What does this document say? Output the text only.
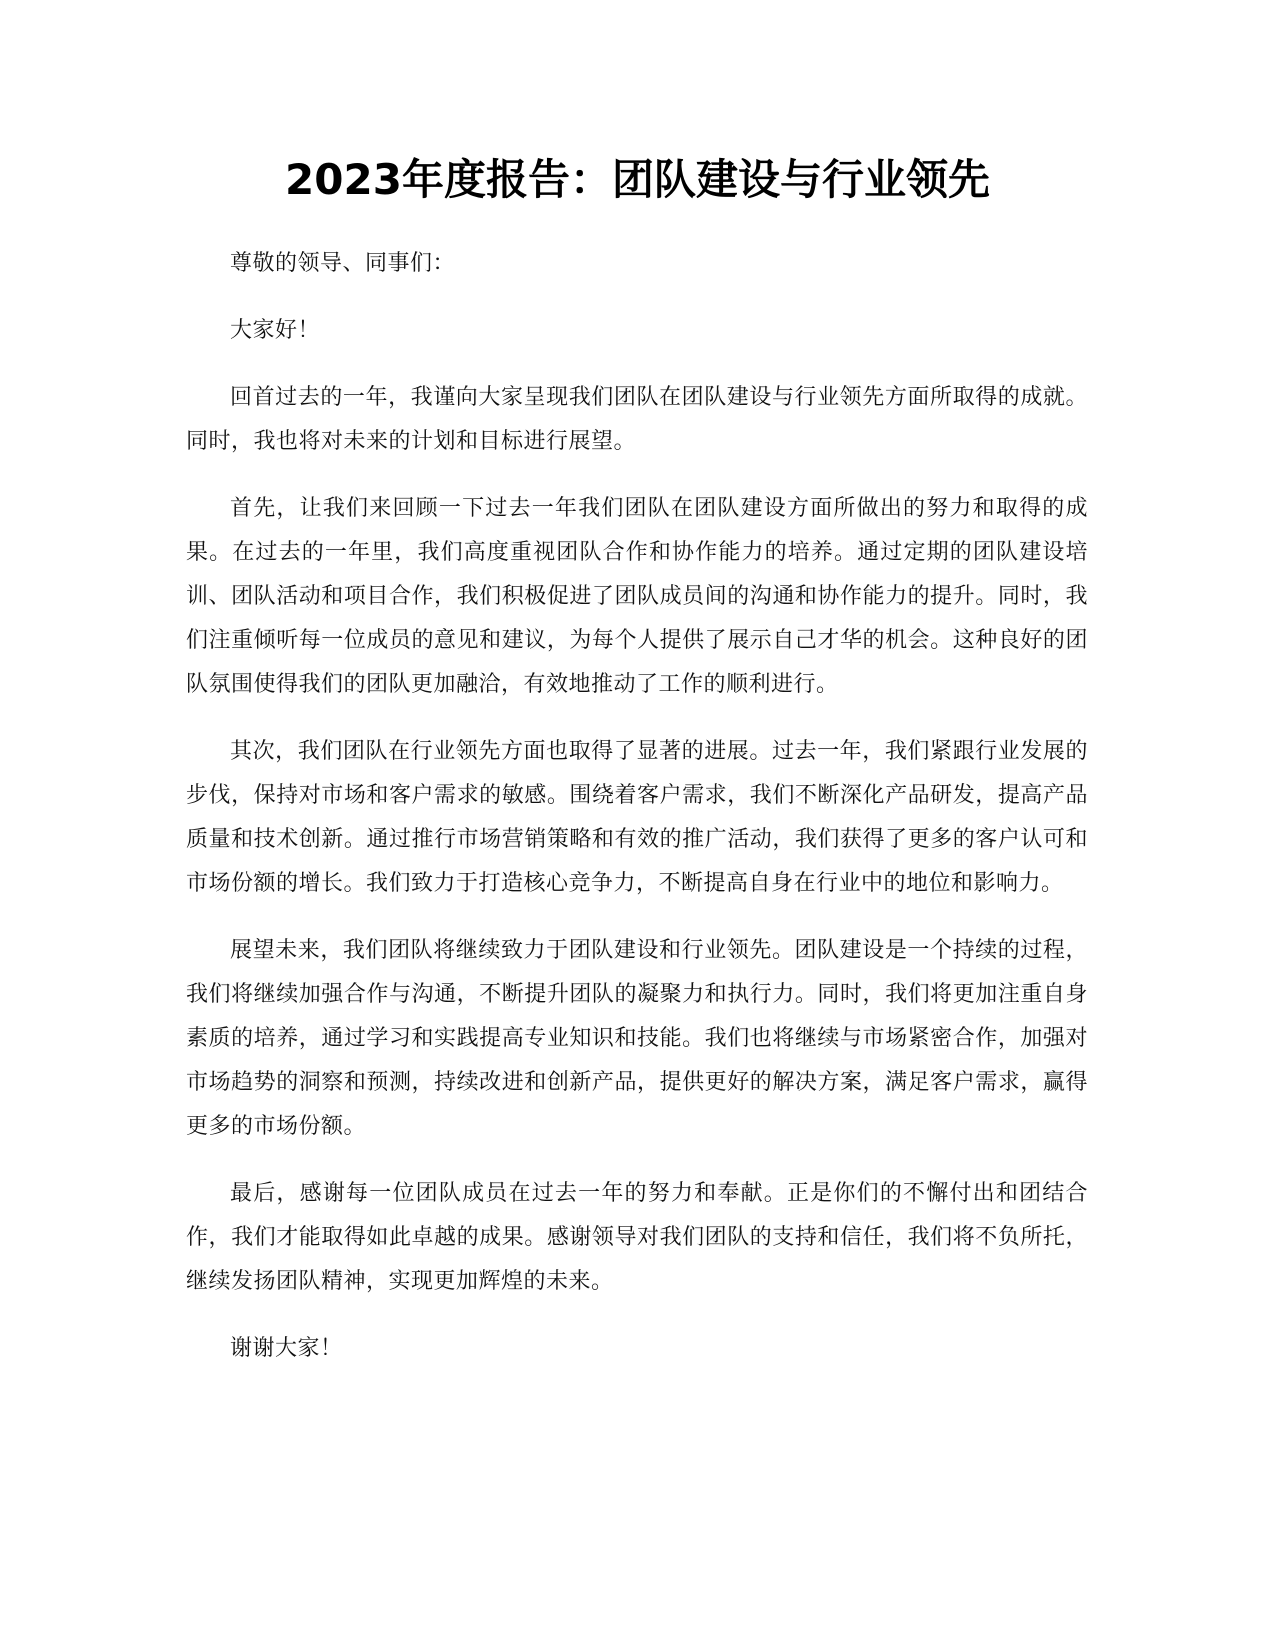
2023年度报告：团队建设与行业领先

尊敬的领导、同事们：

大家好！

回首过去的一年，我谨向大家呈现我们团队在团队建设与行业领先方面所取得的成就。同时，我也将对未来的计划和目标进行展望。

首先，让我们来回顾一下过去一年我们团队在团队建设方面所做出的努力和取得的成果。在过去的一年里，我们高度重视团队合作和协作能力的培养。通过定期的团队建设培训、团队活动和项目合作，我们积极促进了团队成员间的沟通和协作能力的提升。同时，我们注重倾听每一位成员的意见和建议，为每个人提供了展示自己才华的机会。这种良好的团队氛围使得我们的团队更加融洽，有效地推动了工作的顺利进行。

其次，我们团队在行业领先方面也取得了显著的进展。过去一年，我们紧跟行业发展的步伐，保持对市场和客户需求的敏感。围绕着客户需求，我们不断深化产品研发，提高产品质量和技术创新。通过推行市场营销策略和有效的推广活动，我们获得了更多的客户认可和市场份额的增长。我们致力于打造核心竞争力，不断提高自身在行业中的地位和影响力。

展望未来，我们团队将继续致力于团队建设和行业领先。团队建设是一个持续的过程，我们将继续加强合作与沟通，不断提升团队的凝聚力和执行力。同时，我们将更加注重自身素质的培养，通过学习和实践提高专业知识和技能。我们也将继续与市场紧密合作，加强对市场趋势的洞察和预测，持续改进和创新产品，提供更好的解决方案，满足客户需求，赢得更多的市场份额。

最后，感谢每一位团队成员在过去一年的努力和奉献。正是你们的不懈付出和团结合作，我们才能取得如此卓越的成果。感谢领导对我们团队的支持和信任，我们将不负所托，继续发扬团队精神，实现更加辉煌的未来。

谢谢大家！
